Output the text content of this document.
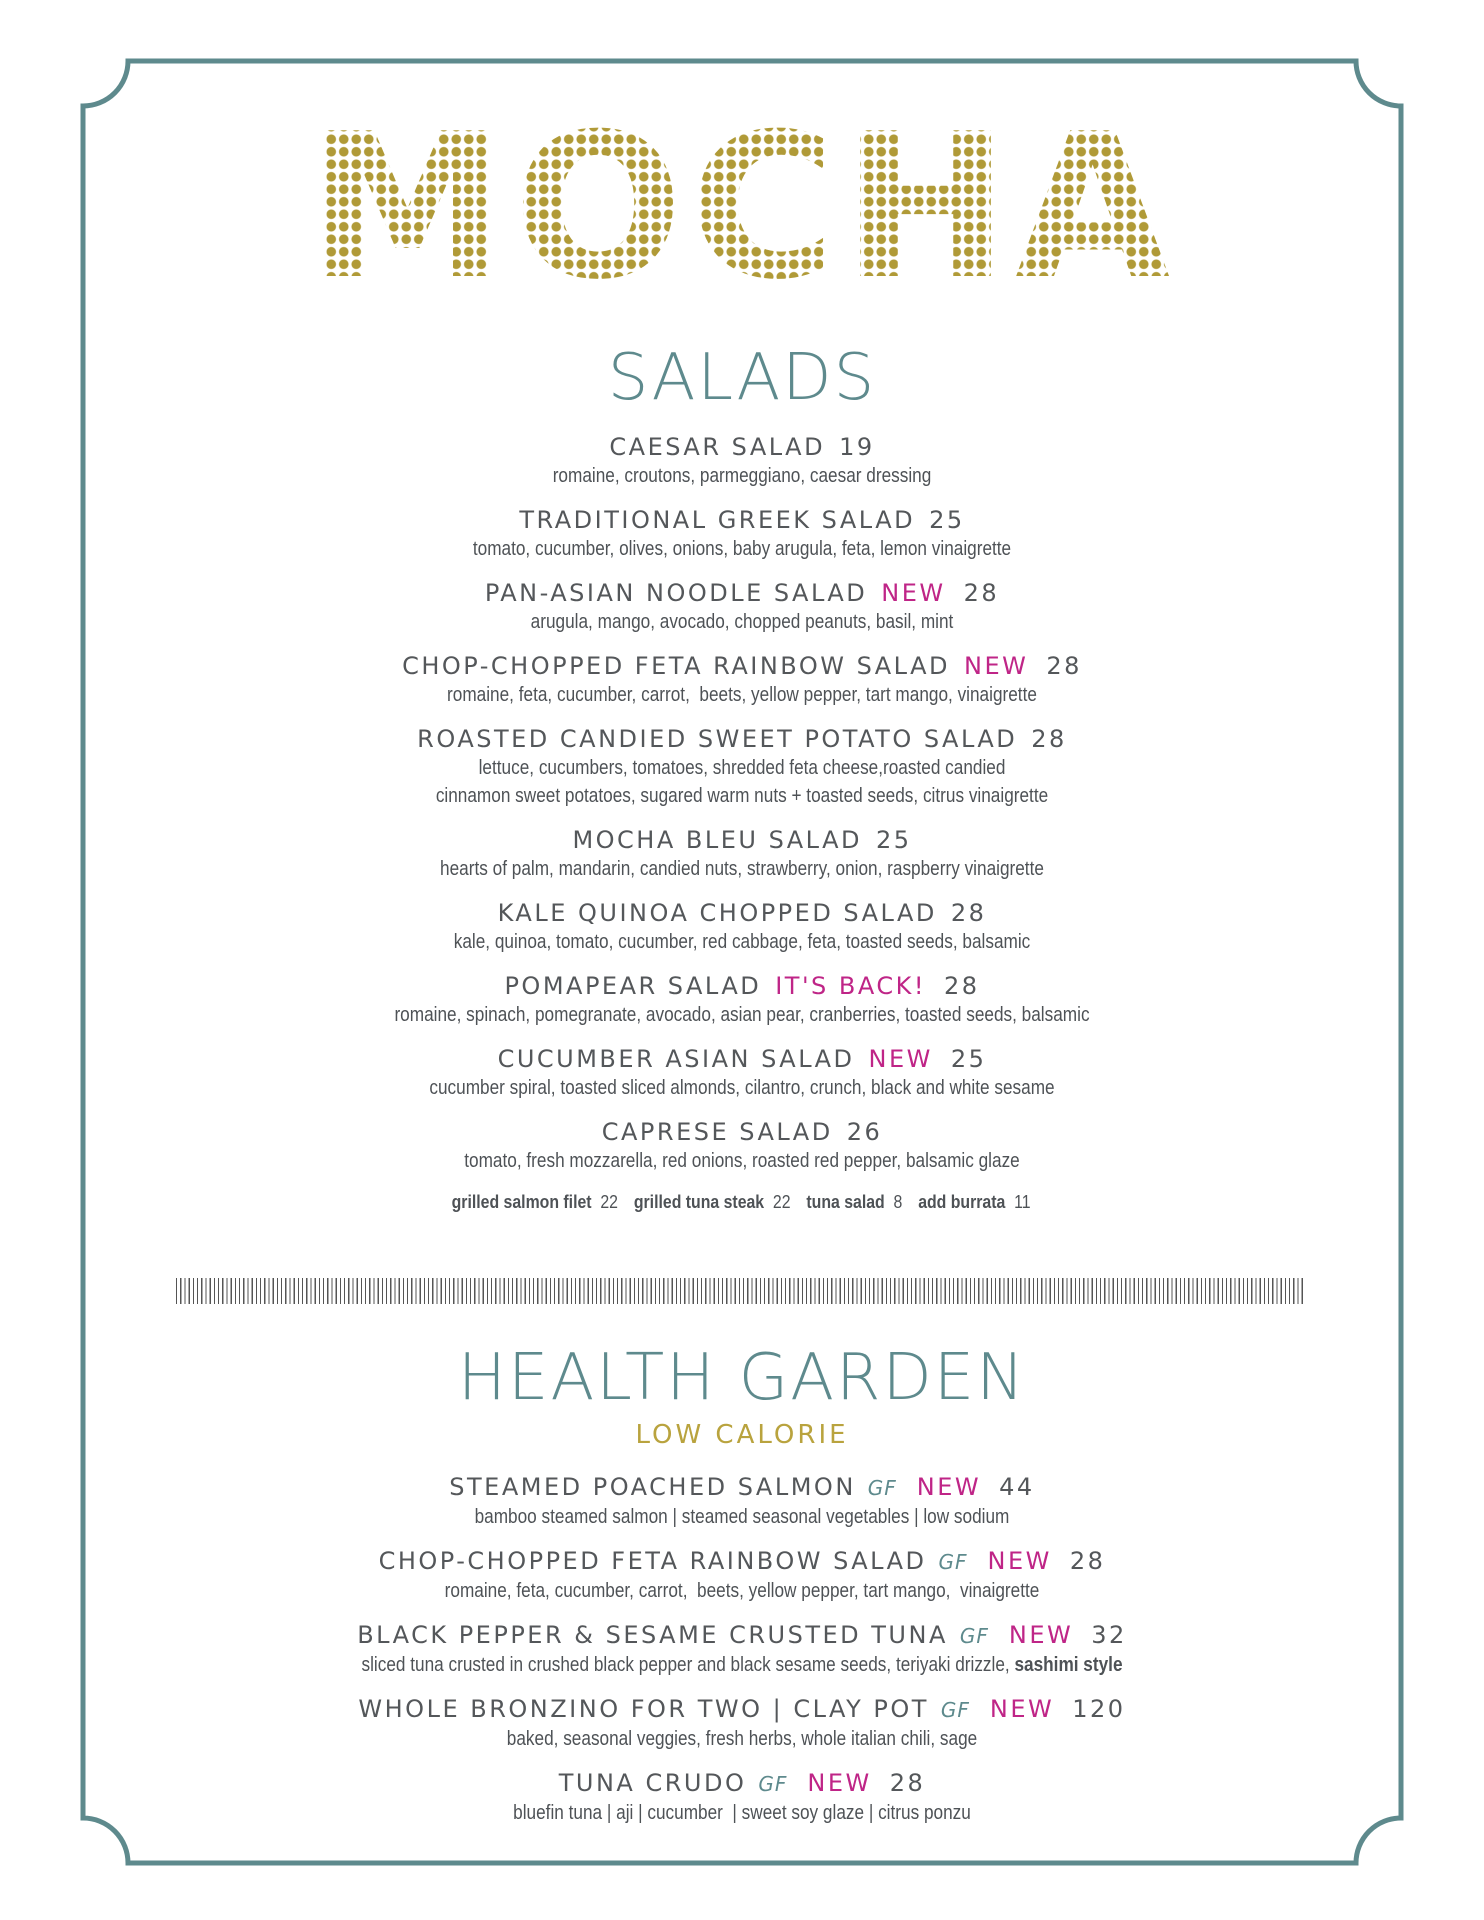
MOCHA
SALADS
CAESAR SALAD 19
romaine, croutons, parmeggiano, caesar dressing
TRADITIONAL GREEK SALAD 25
tomato, cucumber, olives, onions, baby arugula, feta, lemon vinaigrette
PAN-ASIAN NOODLE SALAD NEW 28
arugula, mango, avocado, chopped peanuts, basil, mint
CHOP-CHOPPED FETA RAINBOW SALAD NEW 28
romaine, feta, cucumber, carrot,  beets, yellow pepper, tart mango, vinaigrette
ROASTED CANDIED SWEET POTATO SALAD 28
lettuce, cucumbers, tomatoes, shredded feta cheese,roasted candied
cinnamon sweet potatoes, sugared warm nuts + toasted seeds, citrus vinaigrette
MOCHA BLEU SALAD 25
hearts of palm, mandarin, candied nuts, strawberry, onion, raspberry vinaigrette
KALE QUINOA CHOPPED SALAD 28
kale, quinoa, tomato, cucumber, red cabbage, feta, toasted seeds, balsamic
POMAPEAR SALAD IT'S BACK! 28
romaine, spinach, pomegranate, avocado, asian pear, cranberries, toasted seeds, balsamic
CUCUMBER ASIAN SALAD NEW 25
cucumber spiral, toasted sliced almonds, cilantro, crunch, black and white sesame
CAPRESE SALAD 26
tomato, fresh mozzarella, red onions, roasted red pepper, balsamic glaze
grilled salmon filet  22  grilled tuna steak  22  tuna salad  8  add burrata  11
HEALTH GARDEN
LOW CALORIE
STEAMED POACHED SALMON GF NEW 44
bamboo steamed salmon | steamed seasonal vegetables | low sodium
CHOP-CHOPPED FETA RAINBOW SALAD GF NEW 28
romaine, feta, cucumber, carrot,  beets, yellow pepper, tart mango,  vinaigrette
BLACK PEPPER & SESAME CRUSTED TUNA GF NEW 32
sliced tuna crusted in crushed black pepper and black sesame seeds, teriyaki drizzle, sashimi style
WHOLE BRONZINO FOR TWO | CLAY POT GF NEW 120
baked, seasonal veggies, fresh herbs, whole italian chili, sage
TUNA CRUDO GF NEW 28
bluefin tuna | aji | cucumber  | sweet soy glaze | citrus ponzu
